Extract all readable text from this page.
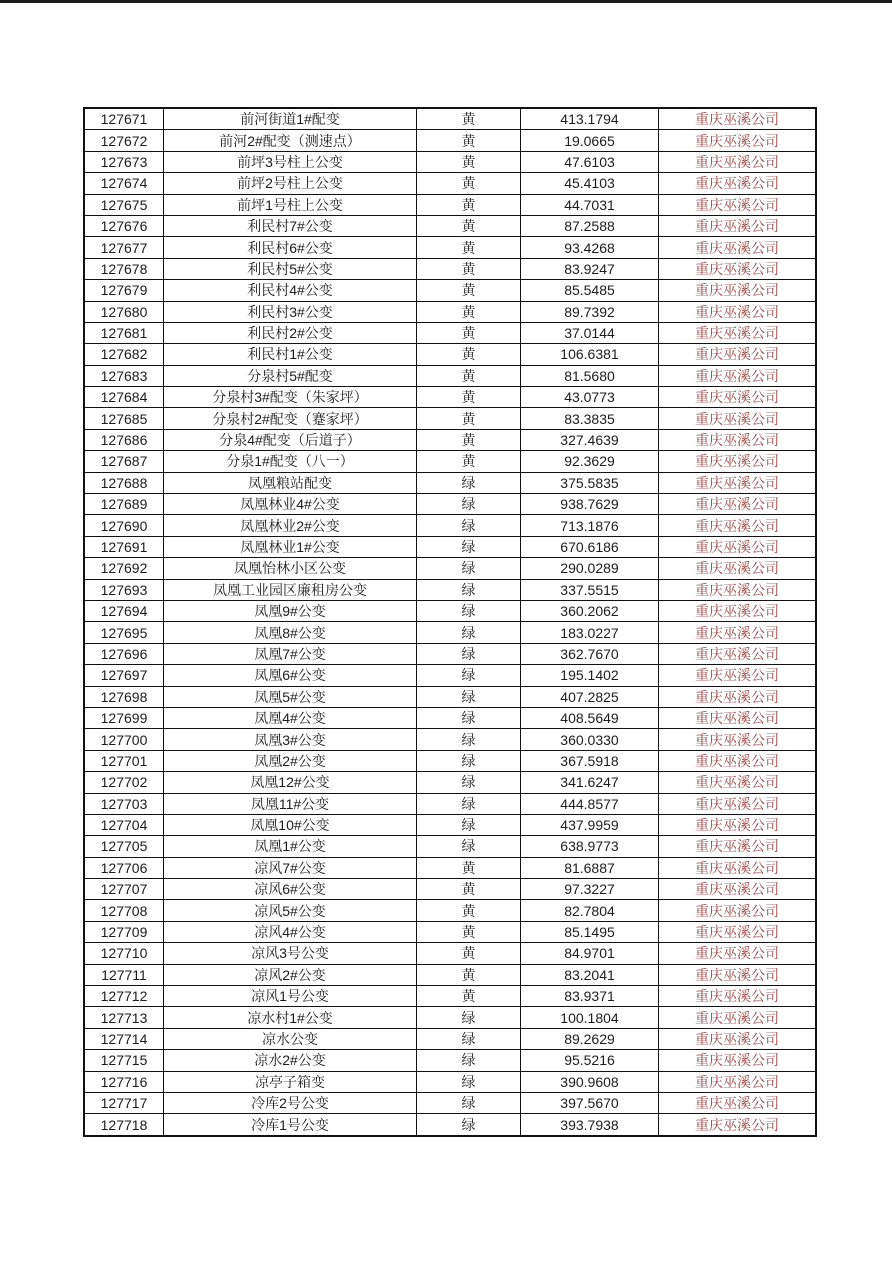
127671	前河街道1#配变	黄	413.1794	重庆巫溪公司
127672	前河2#配变（测速点）	黄	19.0665	重庆巫溪公司
127673	前坪3号柱上公变	黄	47.6103	重庆巫溪公司
127674	前坪2号柱上公变	黄	45.4103	重庆巫溪公司
127675	前坪1号柱上公变	黄	44.7031	重庆巫溪公司
127676	利民村7#公变	黄	87.2588	重庆巫溪公司
127677	利民村6#公变	黄	93.4268	重庆巫溪公司
127678	利民村5#公变	黄	83.9247	重庆巫溪公司
127679	利民村4#公变	黄	85.5485	重庆巫溪公司
127680	利民村3#公变	黄	89.7392	重庆巫溪公司
127681	利民村2#公变	黄	37.0144	重庆巫溪公司
127682	利民村1#公变	黄	106.6381	重庆巫溪公司
127683	分泉村5#配变	黄	81.5680	重庆巫溪公司
127684	分泉村3#配变（朱家坪）	黄	43.0773	重庆巫溪公司
127685	分泉村2#配变（蹇家坪）	黄	83.3835	重庆巫溪公司
127686	分泉4#配变（后道子）	黄	327.4639	重庆巫溪公司
127687	分泉1#配变（八一）	黄	92.3629	重庆巫溪公司
127688	凤凰粮站配变	绿	375.5835	重庆巫溪公司
127689	凤凰林业4#公变	绿	938.7629	重庆巫溪公司
127690	凤凰林业2#公变	绿	713.1876	重庆巫溪公司
127691	凤凰林业1#公变	绿	670.6186	重庆巫溪公司
127692	凤凰怡林小区公变	绿	290.0289	重庆巫溪公司
127693	凤凰工业园区廉租房公变	绿	337.5515	重庆巫溪公司
127694	凤凰9#公变	绿	360.2062	重庆巫溪公司
127695	凤凰8#公变	绿	183.0227	重庆巫溪公司
127696	凤凰7#公变	绿	362.7670	重庆巫溪公司
127697	凤凰6#公变	绿	195.1402	重庆巫溪公司
127698	凤凰5#公变	绿	407.2825	重庆巫溪公司
127699	凤凰4#公变	绿	408.5649	重庆巫溪公司
127700	凤凰3#公变	绿	360.0330	重庆巫溪公司
127701	凤凰2#公变	绿	367.5918	重庆巫溪公司
127702	凤凰12#公变	绿	341.6247	重庆巫溪公司
127703	凤凰11#公变	绿	444.8577	重庆巫溪公司
127704	凤凰10#公变	绿	437.9959	重庆巫溪公司
127705	凤凰1#公变	绿	638.9773	重庆巫溪公司
127706	凉风7#公变	黄	81.6887	重庆巫溪公司
127707	凉风6#公变	黄	97.3227	重庆巫溪公司
127708	凉风5#公变	黄	82.7804	重庆巫溪公司
127709	凉风4#公变	黄	85.1495	重庆巫溪公司
127710	凉风3号公变	黄	84.9701	重庆巫溪公司
127711	凉风2#公变	黄	83.2041	重庆巫溪公司
127712	凉风1号公变	黄	83.9371	重庆巫溪公司
127713	凉水村1#公变	绿	100.1804	重庆巫溪公司
127714	凉水公变	绿	89.2629	重庆巫溪公司
127715	凉水2#公变	绿	95.5216	重庆巫溪公司
127716	凉亭子箱变	绿	390.9608	重庆巫溪公司
127717	冷库2号公变	绿	397.5670	重庆巫溪公司
127718	冷库1号公变	绿	393.7938	重庆巫溪公司
